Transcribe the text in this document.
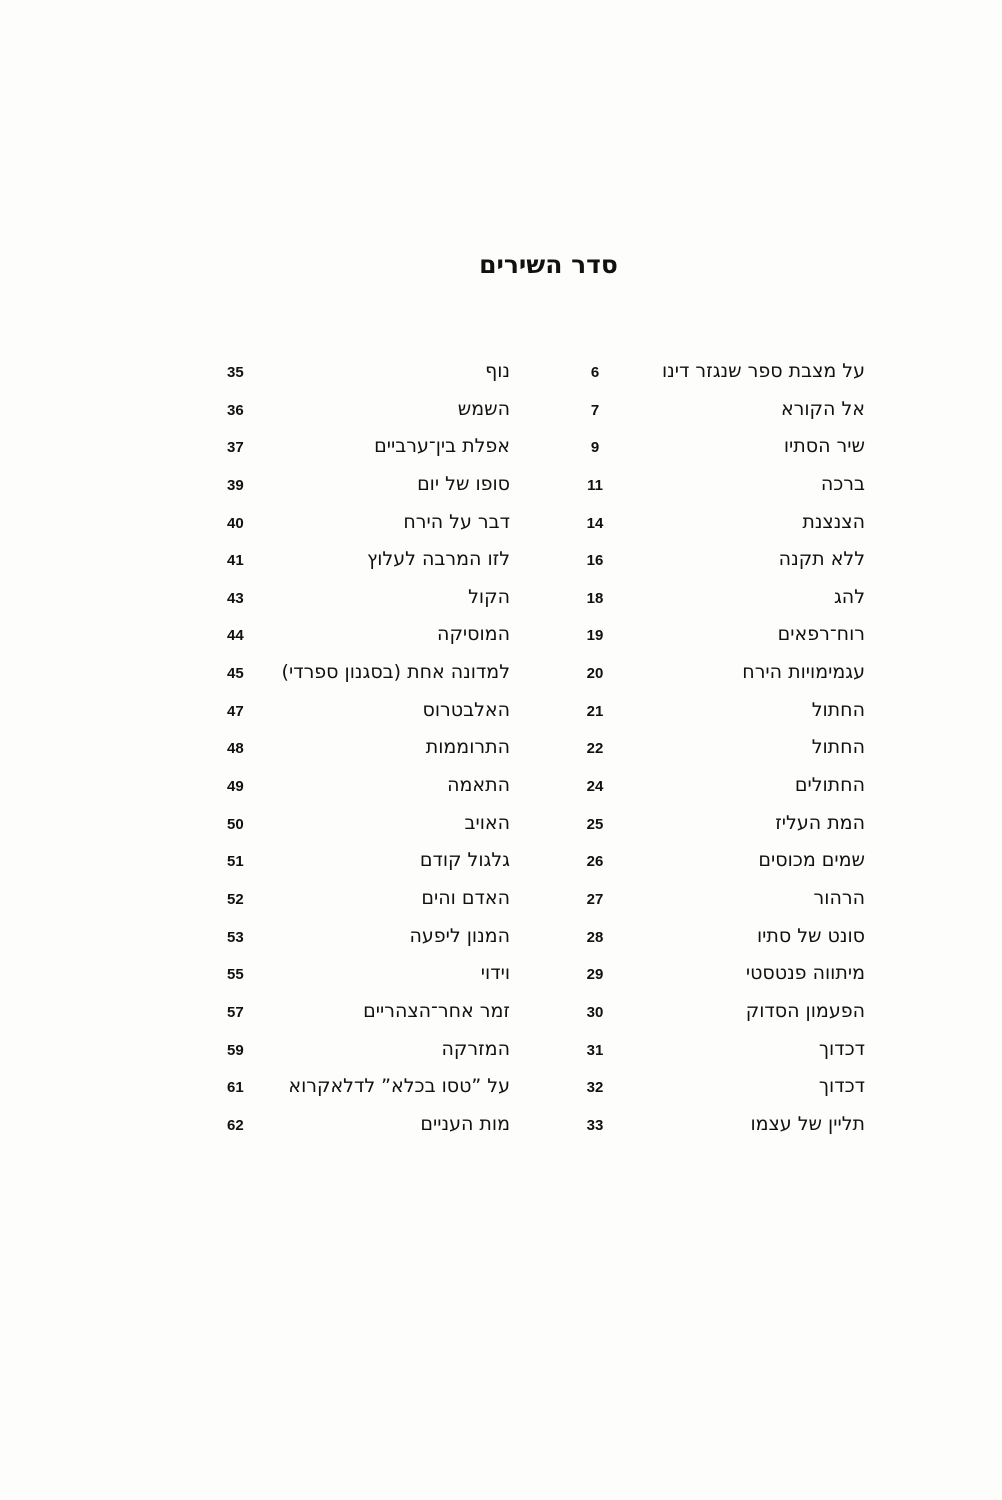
סדר השירים
על מצבת ספר שנגזר דינו
6
אל הקורא
7
שיר הסתיו
9
ברכה
11
הצנצנת
14
ללא תקנה
16
להג
18
רוח־רפאים
19
עגמימויות הירח
20
החתול
21
החתול
22
החתולים
24
המת העליז
25
שמים מכוסים
26
הרהור
27
סונט של סתיו
28
מיתווה פנטסטי
29
הפעמון הסדוק
30
דכדוך
31
דכדוך
32
תליין של עצמו
33
נוף
35
השמש
36
אפלת בין־ערביים
37
סופו של יום
39
דבר על הירח
40
לזו המרבה לעלוץ
41
הקול
43
המוסיקה
44
למדונה אחת (בסגנון ספרדי)
45
האלבטרוס
47
התרוממות
48
התאמה
49
האויב
50
גלגול קודם
51
האדם והים
52
המנון ליפעה
53
וידוי
55
זמר אחר־הצהריים
57
המזרקה
59
על ”טסו בכלא” לדלאקרוא
61
מות העניים
62
